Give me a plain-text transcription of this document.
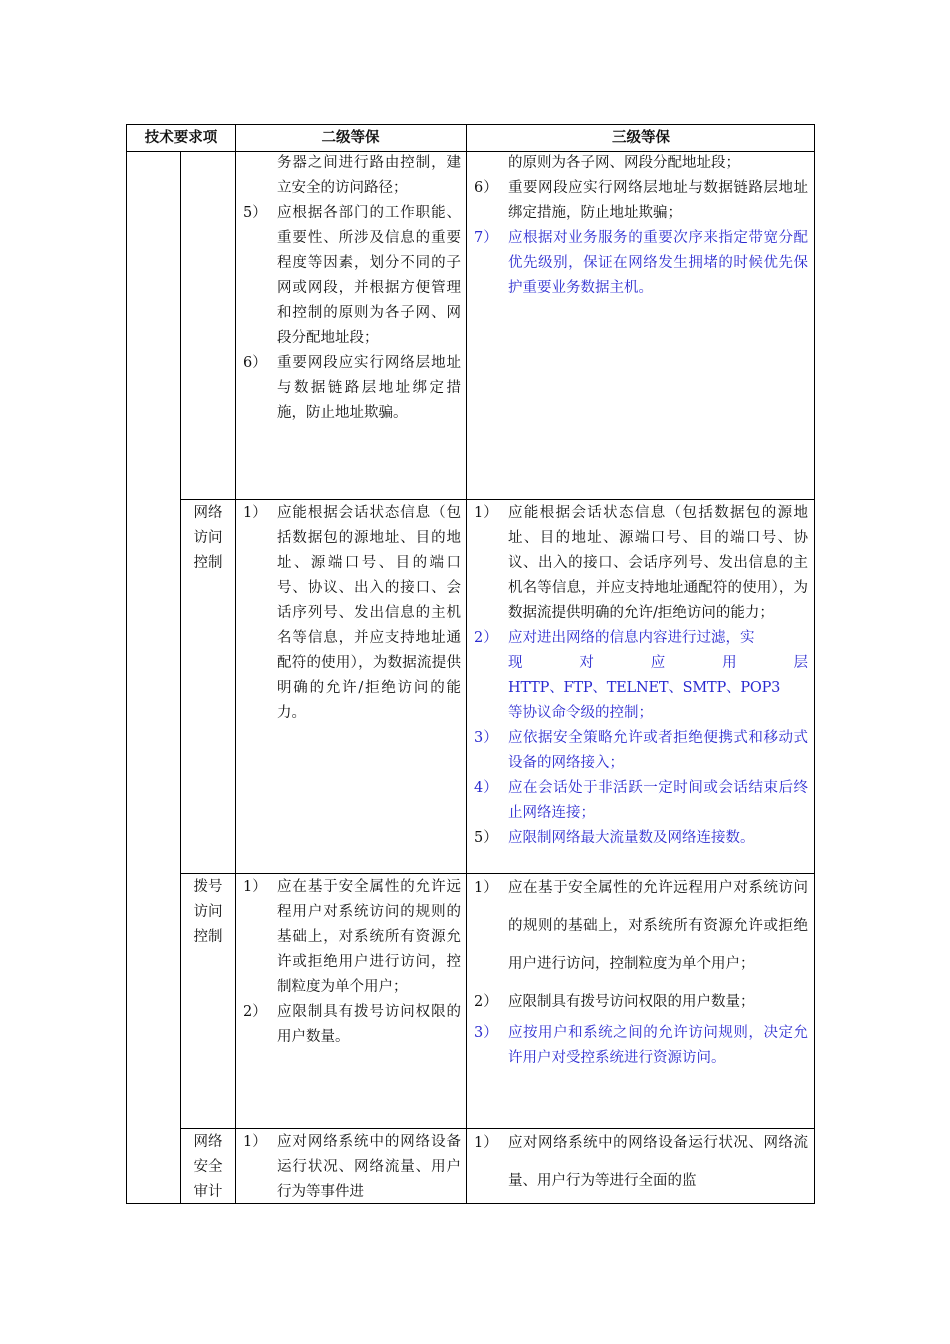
技术要求项	二级等保	三级等保
务器之间进行路由控制，建立安全的访问路径；
5） 应根据各部门的工作职能、重要性、所涉及信息的重要程度等因素，划分不同的子网或网段，并根据方便管理和控制的原则为各子网、网段分配地址段；
6） 重要网段应实行网络层地址与数据链路层地址绑定措施，防止地址欺骗。
的原则为各子网、网段分配地址段；
6） 重要网段应实行网络层地址与数据链路层地址绑定措施，防止地址欺骗；
7） 应根据对业务服务的重要次序来指定带宽分配优先级别，保证在网络发生拥堵的时候优先保护重要业务数据主机。
网络访问控制
1） 应能根据会话状态信息（包括数据包的源地址、目的地址、源端口号、目的端口号、协议、出入的接口、会话序列号、发出信息的主机名等信息，并应支持地址通配符的使用），为数据流提供明确的允许/拒绝访问的能力。
1） 应能根据会话状态信息（包括数据包的源地址、目的地址、源端口号、目的端口号、协议、出入的接口、会话序列号、发出信息的主机名等信息，并应支持地址通配符的使用），为数据流提供明确的允许/拒绝访问的能力；
2） 应对进出网络的信息内容进行过滤，实
现 对 应 用 层
HTTP、FTP、TELNET、SMTP、POP3
等协议命令级的控制；
3） 应依据安全策略允许或者拒绝便携式和移动式设备的网络接入；
4） 应在会话处于非活跃一定时间或会话结束后终止网络连接；
5） 应限制网络最大流量数及网络连接数。
拨号访问控制
1） 应在基于安全属性的允许远程用户对系统访问的规则的基础上，对系统所有资源允许或拒绝用户进行访问，控制粒度为单个用户；
2） 应限制具有拨号访问权限的用户数量。
1） 应在基于安全属性的允许远程用户对系统访问的规则的基础上，对系统所有资源允许或拒绝用户进行访问，控制粒度为单个用户；
2） 应限制具有拨号访问权限的用户数量；
3） 应按用户和系统之间的允许访问规则，决定允许用户对受控系统进行资源访问。
网络安全审计
1） 应对网络系统中的网络设备运行状况、网络流量、用户行为等事件进
1） 应对网络系统中的网络设备运行状况、网络流量、用户行为等进行全面的监
